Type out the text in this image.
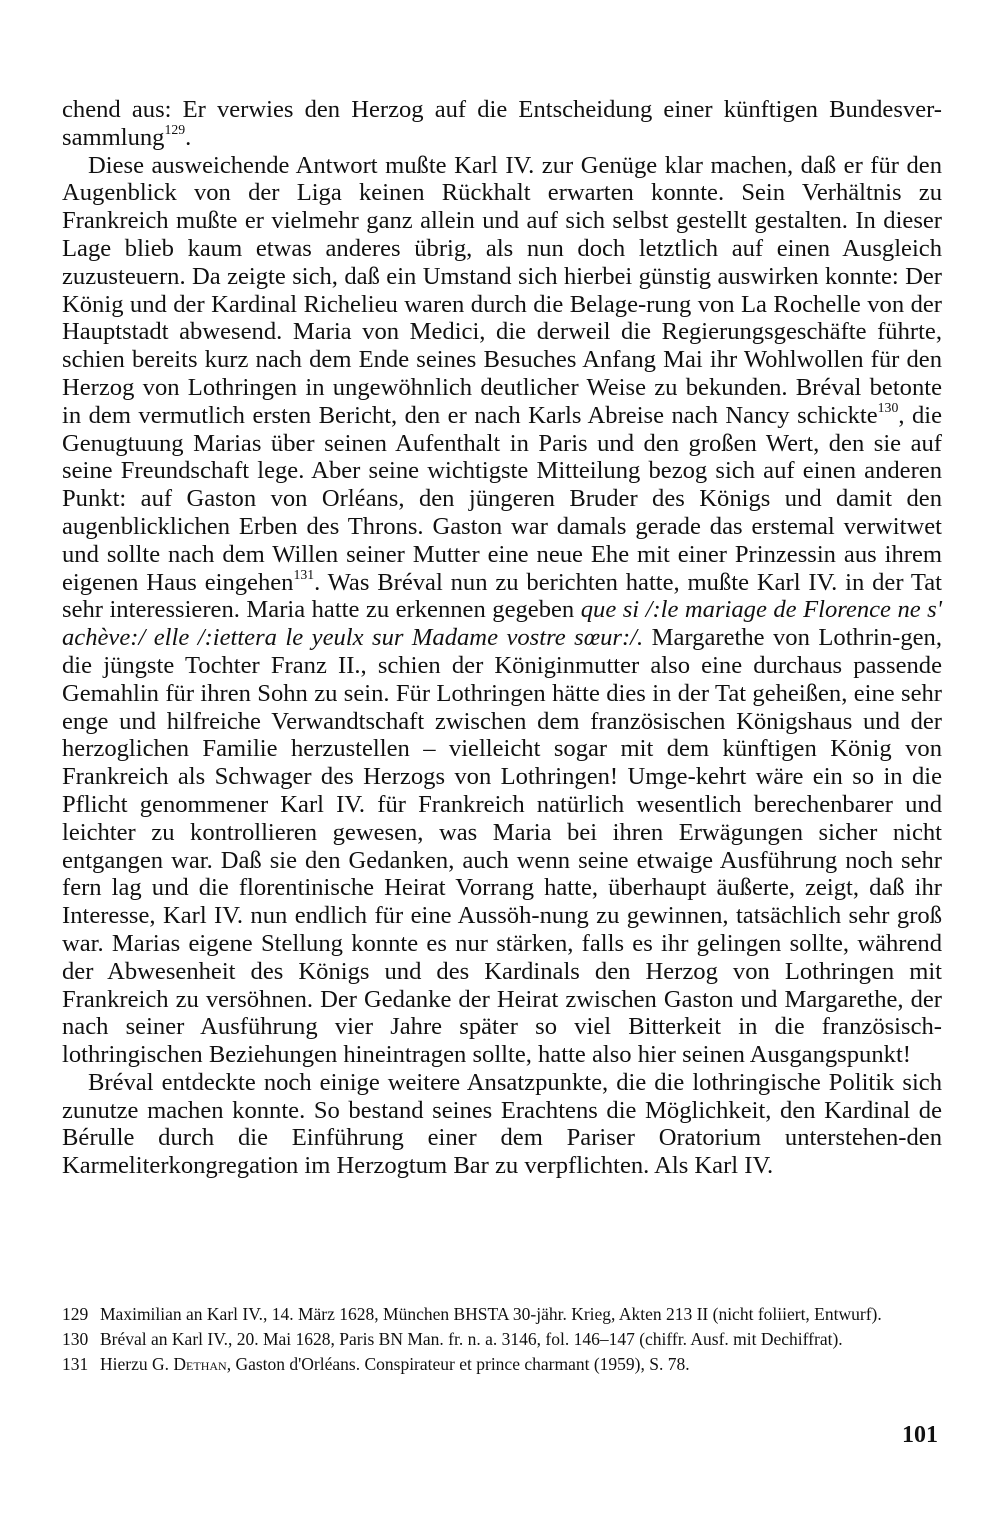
chend aus: Er verwies den Herzog auf die Entscheidung einer künftigen Bundesver-sammlung$^{129}$.

Diese ausweichende Antwort mußte Karl IV. zur Genüge klar machen, daß er für den Augenblick von der Liga keinen Rückhalt erwarten konnte. Sein Verhältnis zu Frankreich mußte er vielmehr ganz allein und auf sich selbst gestellt gestalten. In dieser Lage blieb kaum etwas anderes übrig, als nun doch letztlich auf einen Ausgleich zuzusteuern. Da zeigte sich, daß ein Umstand sich hierbei günstig auswirken konnte: Der König und der Kardinal Richelieu waren durch die Belage-rung von La Rochelle von der Hauptstadt abwesend. Maria von Medici, die derweil die Regierungsgeschäfte führte, schien bereits kurz nach dem Ende seines Besuches Anfang Mai ihr Wohlwollen für den Herzog von Lothringen in ungewöhnlich deutlicher Weise zu bekunden. Bréval betonte in dem vermutlich ersten Bericht, den er nach Karls Abreise nach Nancy schickte$^{130}$, die Genugtuung Marias über seinen Aufenthalt in Paris und den großen Wert, den sie auf seine Freundschaft lege. Aber seine wichtigste Mitteilung bezog sich auf einen anderen Punkt: auf Gaston von Orléans, den jüngeren Bruder des Königs und damit den augenblicklichen Erben des Throns. Gaston war damals gerade das erstemal verwitwet und sollte nach dem Willen seiner Mutter eine neue Ehe mit einer Prinzessin aus ihrem eigenen Haus eingehen$^{131}$. Was Bréval nun zu berichten hatte, mußte Karl IV. in der Tat sehr interessieren. Maria hatte zu erkennen gegeben que si /:le mariage de Florence ne s' achève:/ elle /:iettera le yeulx sur Madame vostre sœur:/. Margarethe von Lothrin-gen, die jüngste Tochter Franz II., schien der Königinmutter also eine durchaus passende Gemahlin für ihren Sohn zu sein. Für Lothringen hätte dies in der Tat geheißen, eine sehr enge und hilfreiche Verwandtschaft zwischen dem französischen Königshaus und der herzoglichen Familie herzustellen – vielleicht sogar mit dem künftigen König von Frankreich als Schwager des Herzogs von Lothringen! Umge-kehrt wäre ein so in die Pflicht genommener Karl IV. für Frankreich natürlich wesentlich berechenbarer und leichter zu kontrollieren gewesen, was Maria bei ihren Erwägungen sicher nicht entgangen war. Daß sie den Gedanken, auch wenn seine etwaige Ausführung noch sehr fern lag und die florentinische Heirat Vorrang hatte, überhaupt äußerte, zeigt, daß ihr Interesse, Karl IV. nun endlich für eine Aussöh-nung zu gewinnen, tatsächlich sehr groß war. Marias eigene Stellung konnte es nur stärken, falls es ihr gelingen sollte, während der Abwesenheit des Königs und des Kardinals den Herzog von Lothringen mit Frankreich zu versöhnen. Der Gedanke der Heirat zwischen Gaston und Margarethe, der nach seiner Ausführung vier Jahre später so viel Bitterkeit in die französisch-lothringischen Beziehungen hineintragen sollte, hatte also hier seinen Ausgangspunkt!

Bréval entdeckte noch einige weitere Ansatzpunkte, die die lothringische Politik sich zunutze machen konnte. So bestand seines Erachtens die Möglichkeit, den Kardinal de Bérulle durch die Einführung einer dem Pariser Oratorium unterstehen-den Karmeliterkongregation im Herzogtum Bar zu verpflichten. Als Karl IV.

129 Maximilian an Karl IV., 14. März 1628, München BHSTA 30-jähr. Krieg, Akten 213 II (nicht foliiert, Entwurf).
130 Bréval an Karl IV., 20. Mai 1628, Paris BN Man. fr. n. a. 3146, fol. 146–147 (chiffr. Ausf. mit Dechiffrat).
131 Hierzu G. Dethan, Gaston d'Orléans. Conspirateur et prince charmant (1959), S. 78.
101
